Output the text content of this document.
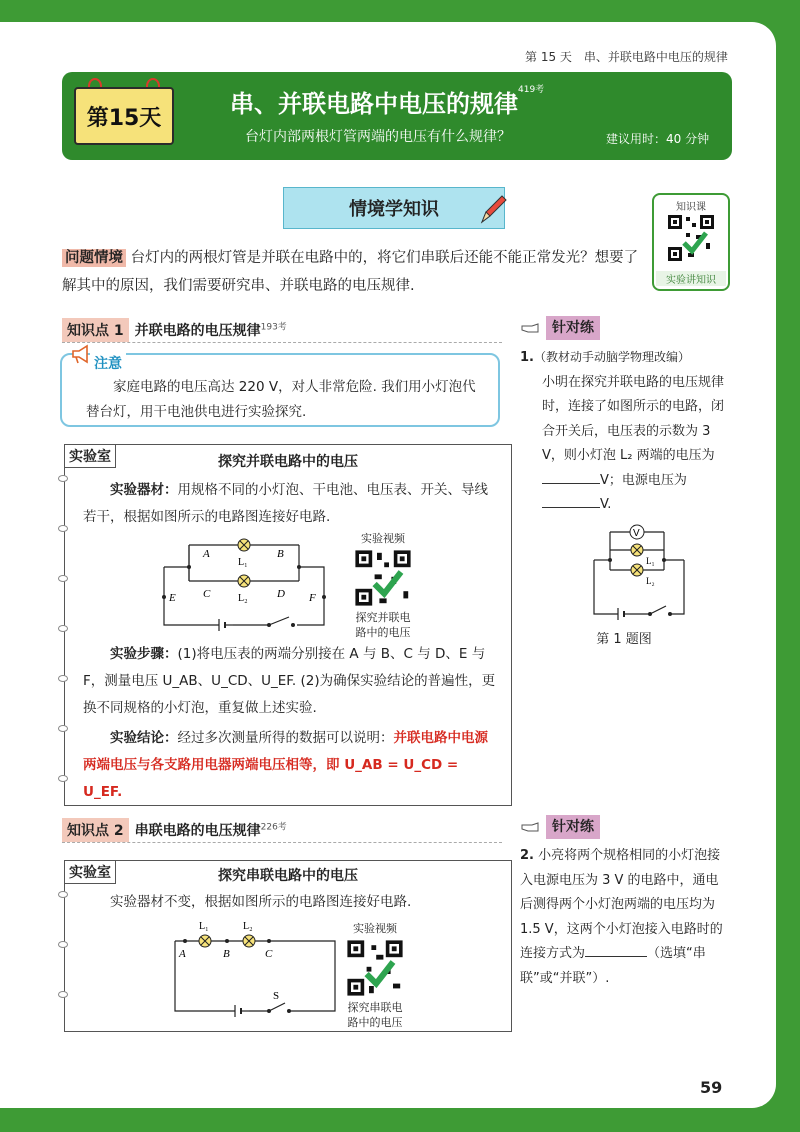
第 15 天　串、并联电路中电压的规律
第15天	串、并联电路中电压的规律$^{419考}$
台灯内部两根灯管两端的电压有什么规律？	建议用时：40 分钟
情境学知识	知识课
实验讲知识
问题情境 台灯内的两根灯管是并联在电路中的，将它们串联后还能不能正常发光？想要了解其中的原因，我们需要研究串、并联电路的电压规律.
知识点 1 并联电路的电压规律$^{193考}$
注意
家庭电路的电压高达 220 V，对人非常危险. 我们用小灯泡代替台灯，用干电池供电进行实验探究.
实验室	探究并联电路中的电压
实验器材：用规格不同的小灯泡、干电池、电压表、开关、导线若干，根据如图所示的电路图连接好电路.
A	B
C	D
E	F
L₁
L₂
实验视频
探究并联电
路中的电压
实验步骤：(1)将电压表的两端分别接在 A 与 B、C 与 D、E 与 F，测量电压 U_AB、U_CD、U_EF. (2)为确保实验结论的普遍性，更换不同规格的小灯泡，重复做上述实验.
实验结论：经过多次测量所得的数据可以说明：并联电路中电源两端电压与各支路用电器两端电压相等，即 U_AB = U_CD = U_EF.
知识点 2 串联电路的电压规律$^{226考}$
实验室	探究串联电路中的电压
实验器材不变，根据如图所示的电路图连接好电路.
L₁	L₂
A	B	C
S
实验视频
探究串联电
路中的电压
针对练
1.（教材动手动脑学物理改编）
小明在探究并联电路的电压规律时，连接了如图所示的电路，闭合开关后，电压表的示数为 3 V，则小灯泡 L₂ 两端的电压为V；电源电压为V.
V
L₁
L₂
第 1 题图
针对练
2. 小亮将两个规格相同的小灯泡接入电源电压为 3 V 的电路中，通电后测得两个小灯泡两端的电压均为 1.5 V，这两个小灯泡接入电路时的连接方式为	（选填“串联”或“并联”）.
59
